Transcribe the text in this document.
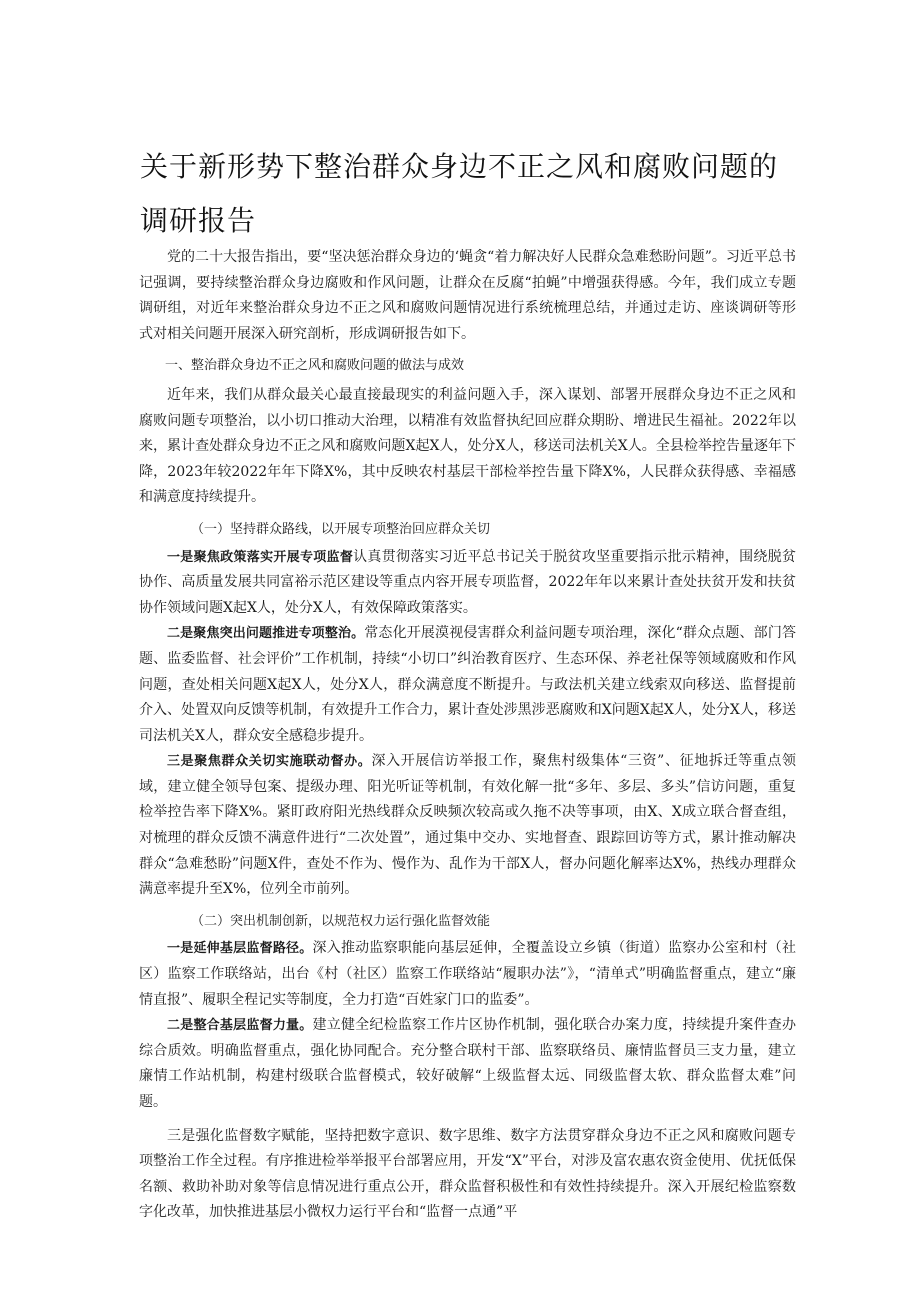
关于新形势下整治群众身边不正之风和腐败问题的调研报告

党的二十大报告指出，要“坚决惩治群众身边的‘蝇贪“着力解决好人民群众急难愁盼问题”。习近平总书记强调，要持续整治群众身边腐败和作风问题，让群众在反腐“拍蝇”中增强获得感。今年，我们成立专题调研组，对近年来整治群众身边不正之风和腐败问题情况进行系统梳理总结，并通过走访、座谈调研等形式对相关问题开展深入研究剖析，形成调研报告如下。

一、整治群众身边不正之风和腐败问题的做法与成效

近年来，我们从群众最关心最直接最现实的利益问题入手，深入谋划、部署开展群众身边不正之风和腐败问题专项整治，以小切口推动大治理，以精准有效监督执纪回应群众期盼、增进民生福祉。2022年以来，累计查处群众身边不正之风和腐败问题X起X人，处分X人，移送司法机关X人。全县检举控告量逐年下降，2023年较2022年年下降X%，其中反映农村基层干部检举控告量下降X%，人民群众获得感、幸福感和满意度持续提升。

（一）坚持群众路线，以开展专项整治回应群众关切

一是聚焦政策落实开展专项监督认真贯彻落实习近平总书记关于脱贫攻坚重要指示批示精神，围绕脱贫协作、高质量发展共同富裕示范区建设等重点内容开展专项监督，2022年年以来累计查处扶贫开发和扶贫协作领域问题X起X人，处分X人，有效保障政策落实。

二是聚焦突出问题推进专项整治。常态化开展漠视侵害群众利益问题专项治理，深化“群众点题、部门答题、监委监督、社会评价”工作机制，持续“小切口”纠治教育医疗、生态环保、养老社保等领域腐败和作风问题，查处相关问题X起X人，处分X人，群众满意度不断提升。与政法机关建立线索双向移送、监督提前介入、处置双向反馈等机制，有效提升工作合力，累计查处涉黑涉恶腐败和X问题X起X人，处分X人，移送司法机关X人，群众安全感稳步提升。

三是聚焦群众关切实施联动督办。深入开展信访举报工作，聚焦村级集体“三资”、征地拆迁等重点领域，建立健全领导包案、提级办理、阳光听证等机制，有效化解一批“多年、多层、多头”信访问题，重复检举控告率下降X%。紧盯政府阳光热线群众反映频次较高或久拖不决等事项，由X、X成立联合督查组，对梳理的群众反馈不满意件进行“二次处置”，通过集中交办、实地督查、跟踪回访等方式，累计推动解决群众“急难愁盼”问题X件，查处不作为、慢作为、乱作为干部X人，督办问题化解率达X%，热线办理群众满意率提升至X%，位列全市前列。

（二）突出机制创新，以规范权力运行强化监督效能

一是延伸基层监督路径。深入推动监察职能向基层延伸，全覆盖设立乡镇（街道）监察办公室和村（社区）监察工作联络站，出台《村（社区）监察工作联络站“履职办法”》，“清单式”明确监督重点，建立“廉情直报”、履职全程记实等制度，全力打造“百姓家门口的监委”。

二是整合基层监督力量。建立健全纪检监察工作片区协作机制，强化联合办案力度，持续提升案件查办综合质效。明确监督重点，强化协同配合。充分整合联村干部、监察联络员、廉情监督员三支力量，建立廉情工作站机制，构建村级联合监督模式，较好破解“上级监督太远、同级监督太软、群众监督太难”问题。

三是强化监督数字赋能，坚持把数字意识、数字思维、数字方法贯穿群众身边不正之风和腐败问题专项整治工作全过程。有序推进检举举报平台部署应用，开发“X”平台，对涉及富农惠农资金使用、优抚低保名额、救助补助对象等信息情况进行重点公开，群众监督积极性和有效性持续提升。深入开展纪检监察数字化改革，加快推进基层小微权力运行平台和“监督一点通”平
